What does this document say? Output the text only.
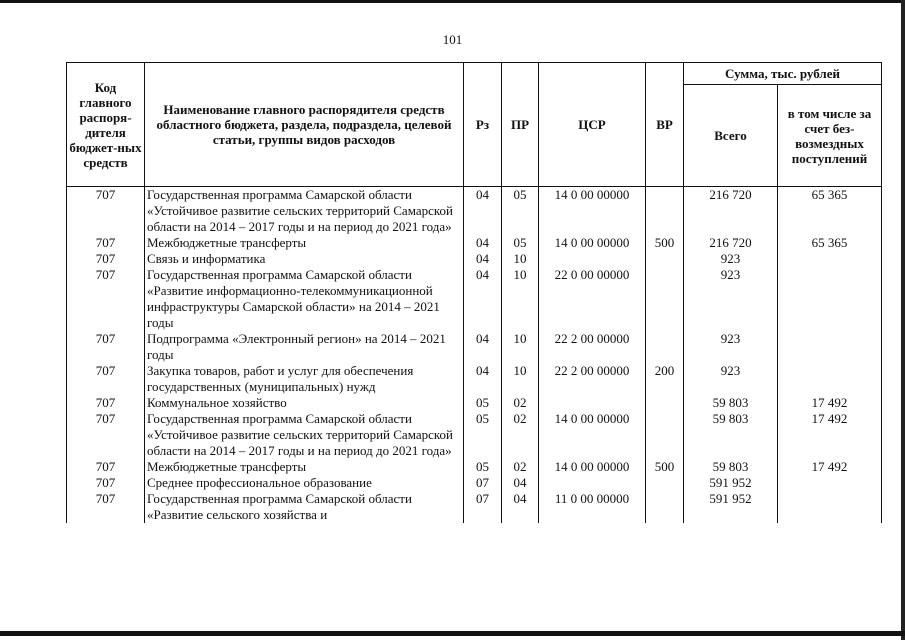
101
Код главного распоря-дителя бюджет-ных средств	Наименование главного распорядителя средств областного бюджета, раздела, подраздела, целевой статьи, группы видов расходов	Рз	ПР	ЦСР	ВР	Сумма, тыс. рублей	
						Всего	в том числе за счет без-возмездных поступлений
707	Государственная программа Самарской области «Устойчивое развитие сельских территорий Самарской области на 2014 – 2017 годы и на период до 2021 года»	04	05	14 0 00 00000		216 720	65 365
707	Межбюджетные трансферты	04	05	14 0 00 00000	500	216 720	65 365
707	Связь и информатика	04	10			923	
707	Государственная программа Самарской области «Развитие информационно-телекоммуникационной инфраструктуры Самарской области» на 2014 – 2021 годы	04	10	22 0 00 00000		923	
707	Подпрограмма «Электронный регион» на 2014 – 2021 годы	04	10	22 2 00 00000		923	
707	Закупка товаров, работ и услуг для обеспечения государственных (муниципальных) нужд	04	10	22 2 00 00000	200	923	
707	Коммунальное хозяйство	05	02			59 803	17 492
707	Государственная программа Самарской области «Устойчивое развитие сельских территорий Самарской области на 2014 – 2017 годы и на период до 2021 года»	05	02	14 0 00 00000		59 803	17 492
707	Межбюджетные трансферты	05	02	14 0 00 00000	500	59 803	17 492
707	Среднее профессиональное образование	07	04			591 952	
707	Государственная программа Самарской области «Развитие сельского хозяйства и	07	04	11 0 00 00000		591 952	
